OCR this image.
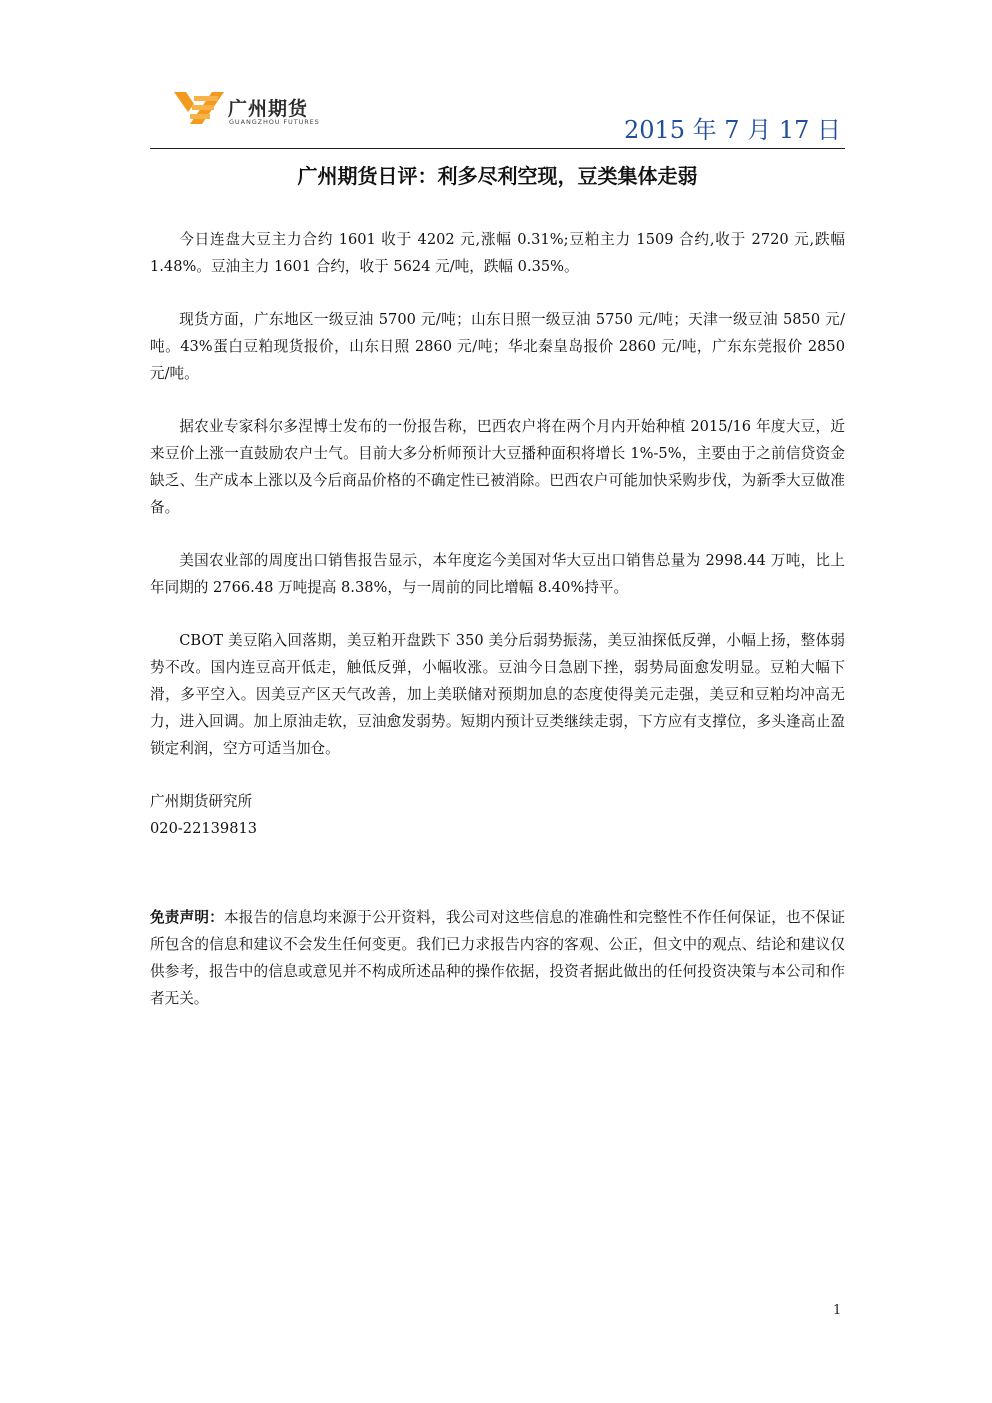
广州期货
GUANGZHOU FUTURES	2015 年 7 月 17 日
广州期货日评：利多尽利空现，豆类集体走弱

今日连盘大豆主力合约 1601 收于 4202 元,涨幅 0.31%;豆粕主力 1509 合约,收于 2720 元,跌幅 1.48%。豆油主力 1601 合约，收于 5624 元/吨，跌幅 0.35%。

现货方面，广东地区一级豆油 5700 元/吨；山东日照一级豆油 5750 元/吨；天津一级豆油 5850 元/吨。43%蛋白豆粕现货报价，山东日照 2860 元/吨；华北秦皇岛报价 2860 元/吨，广东东莞报价 2850 元/吨。

据农业专家科尔多涅博士发布的一份报告称，巴西农户将在两个月内开始种植 2015/16 年度大豆，近来豆价上涨一直鼓励农户士气。目前大多分析师预计大豆播种面积将增长 1%-5%，主要由于之前信贷资金缺乏、生产成本上涨以及今后商品价格的不确定性已被消除。巴西农户可能加快采购步伐，为新季大豆做准备。

美国农业部的周度出口销售报告显示，本年度迄今美国对华大豆出口销售总量为 2998.44 万吨，比上年同期的 2766.48 万吨提高 8.38%，与一周前的同比增幅 8.40%持平。

CBOT 美豆陷入回落期，美豆粕开盘跌下 350 美分后弱势振荡，美豆油探低反弹，小幅上扬，整体弱势不改。国内连豆高开低走，触低反弹，小幅收涨。豆油今日急剧下挫，弱势局面愈发明显。豆粕大幅下滑，多平空入。因美豆产区天气改善，加上美联储对预期加息的态度使得美元走强，美豆和豆粕均冲高无力，进入回调。加上原油走软，豆油愈发弱势。短期内预计豆类继续走弱，下方应有支撑位，多头逢高止盈锁定利润，空方可适当加仓。

广州期货研究所
020-22139813
免责声明：本报告的信息均来源于公开资料，我公司对这些信息的准确性和完整性不作任何保证，也不保证所包含的信息和建议不会发生任何变更。我们已力求报告内容的客观、公正，但文中的观点、结论和建议仅供参考，报告中的信息或意见并不构成所述品种的操作依据，投资者据此做出的任何投资决策与本公司和作者无关。
1
